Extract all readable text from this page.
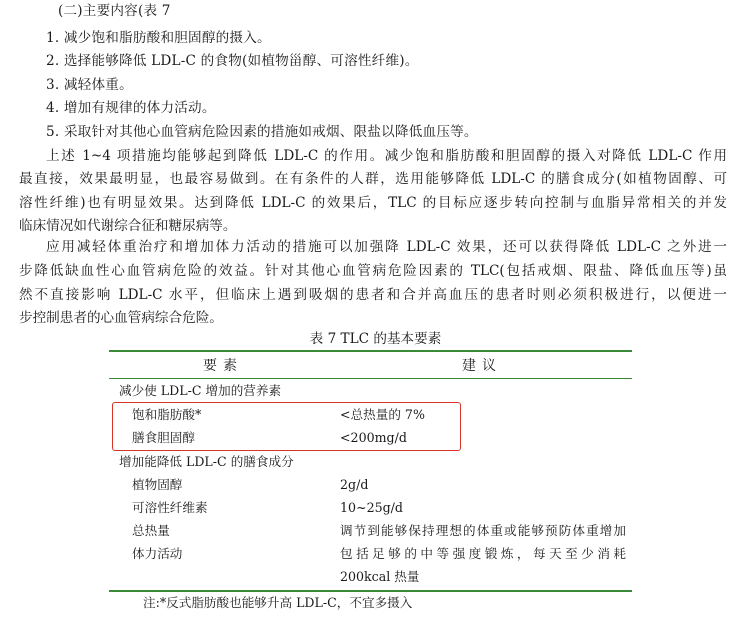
(二)主要内容(表 7
1. 减少饱和脂肪酸和胆固醇的摄入。
2. 选择能够降低 LDL-C 的食物(如植物甾醇、可溶性纤维)。
3. 减轻体重。
4. 增加有规律的体力活动。
5. 采取针对其他心血管病危险因素的措施如戒烟、限盐以降低血压等。
上述 1~4 项措施均能够起到降低 LDL-C 的作用。减少饱和脂肪酸和胆固醇的摄入对降低 LDL-C 作用
最直接，效果最明显，也最容易做到。在有条件的人群，选用能够降低 LDL-C 的膳食成分(如植物固醇、可
溶性纤维)也有明显效果。达到降低 LDL-C 的效果后，TLC 的目标应逐步转向控制与血脂异常相关的并发
临床情况如代谢综合征和糖尿病等。
应用减轻体重治疗和增加体力活动的措施可以加强降 LDL-C 效果，还可以获得降低 LDL-C 之外进一
步降低缺血性心血管病危险的效益。针对其他心血管病危险因素的 TLC(包括戒烟、限盐、降低血压等)虽
然不直接影响 LDL-C 水平，但临床上遇到吸烟的患者和合并高血压的患者时则必须积极进行，以便进一
步控制患者的心血管病综合危险。
表 7 TLC 的基本要素
要素	建议
减少使 LDL-C 增加的营养素
饱和脂肪酸*	<总热量的 7%
膳食胆固醇	<200mg/d
增加能降低 LDL-C 的膳食成分
植物固醇	2g/d
可溶性纤维素	10~25g/d
总热量	调节到能够保持理想的体重或能够预防体重增加
体力活动	包括足够的中等强度锻炼，每天至少消耗
200kcal 热量
注:*反式脂肪酸也能够升高 LDL-C，不宜多摄入
